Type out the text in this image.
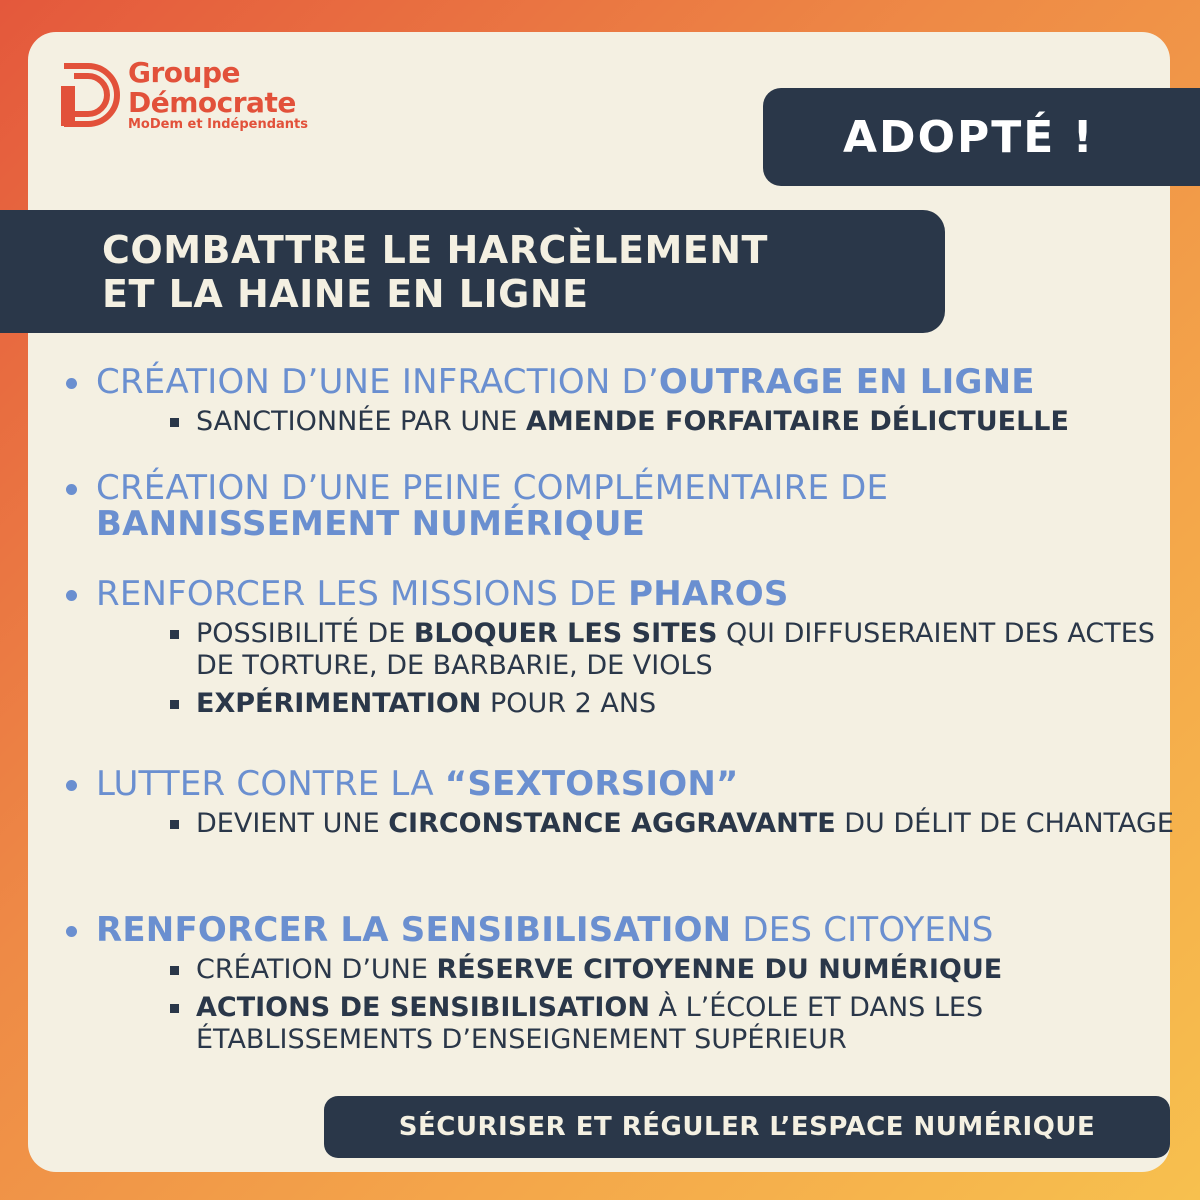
Groupe
Démocrate
MoDem et Indépendants	ADOPTÉ !
COMBATTRE LE HARCÈLEMENT
ET LA HAINE EN LIGNE
CRÉATION D’UNE INFRACTION D’OUTRAGE EN LIGNE
SANCTIONNÉE PAR UNE AMENDE FORFAITAIRE DÉLICTUELLE
CRÉATION D’UNE PEINE COMPLÉMENTAIRE DE
BANNISSEMENT NUMÉRIQUE
RENFORCER LES MISSIONS DE PHAROS
POSSIBILITÉ DE BLOQUER LES SITES QUI DIFFUSERAIENT DES ACTES DE TORTURE, DE BARBARIE, DE VIOLS
EXPÉRIMENTATION POUR 2 ANS
LUTTER CONTRE LA “SEXTORSION”
DEVIENT UNE CIRCONSTANCE AGGRAVANTE DU DÉLIT DE CHANTAGE
RENFORCER LA SENSIBILISATION DES CITOYENS
CRÉATION D’UNE RÉSERVE CITOYENNE DU NUMÉRIQUE
ACTIONS DE SENSIBILISATION À L’ÉCOLE ET DANS LES ÉTABLISSEMENTS D’ENSEIGNEMENT SUPÉRIEUR
SÉCURISER ET RÉGULER L’ESPACE NUMÉRIQUE
